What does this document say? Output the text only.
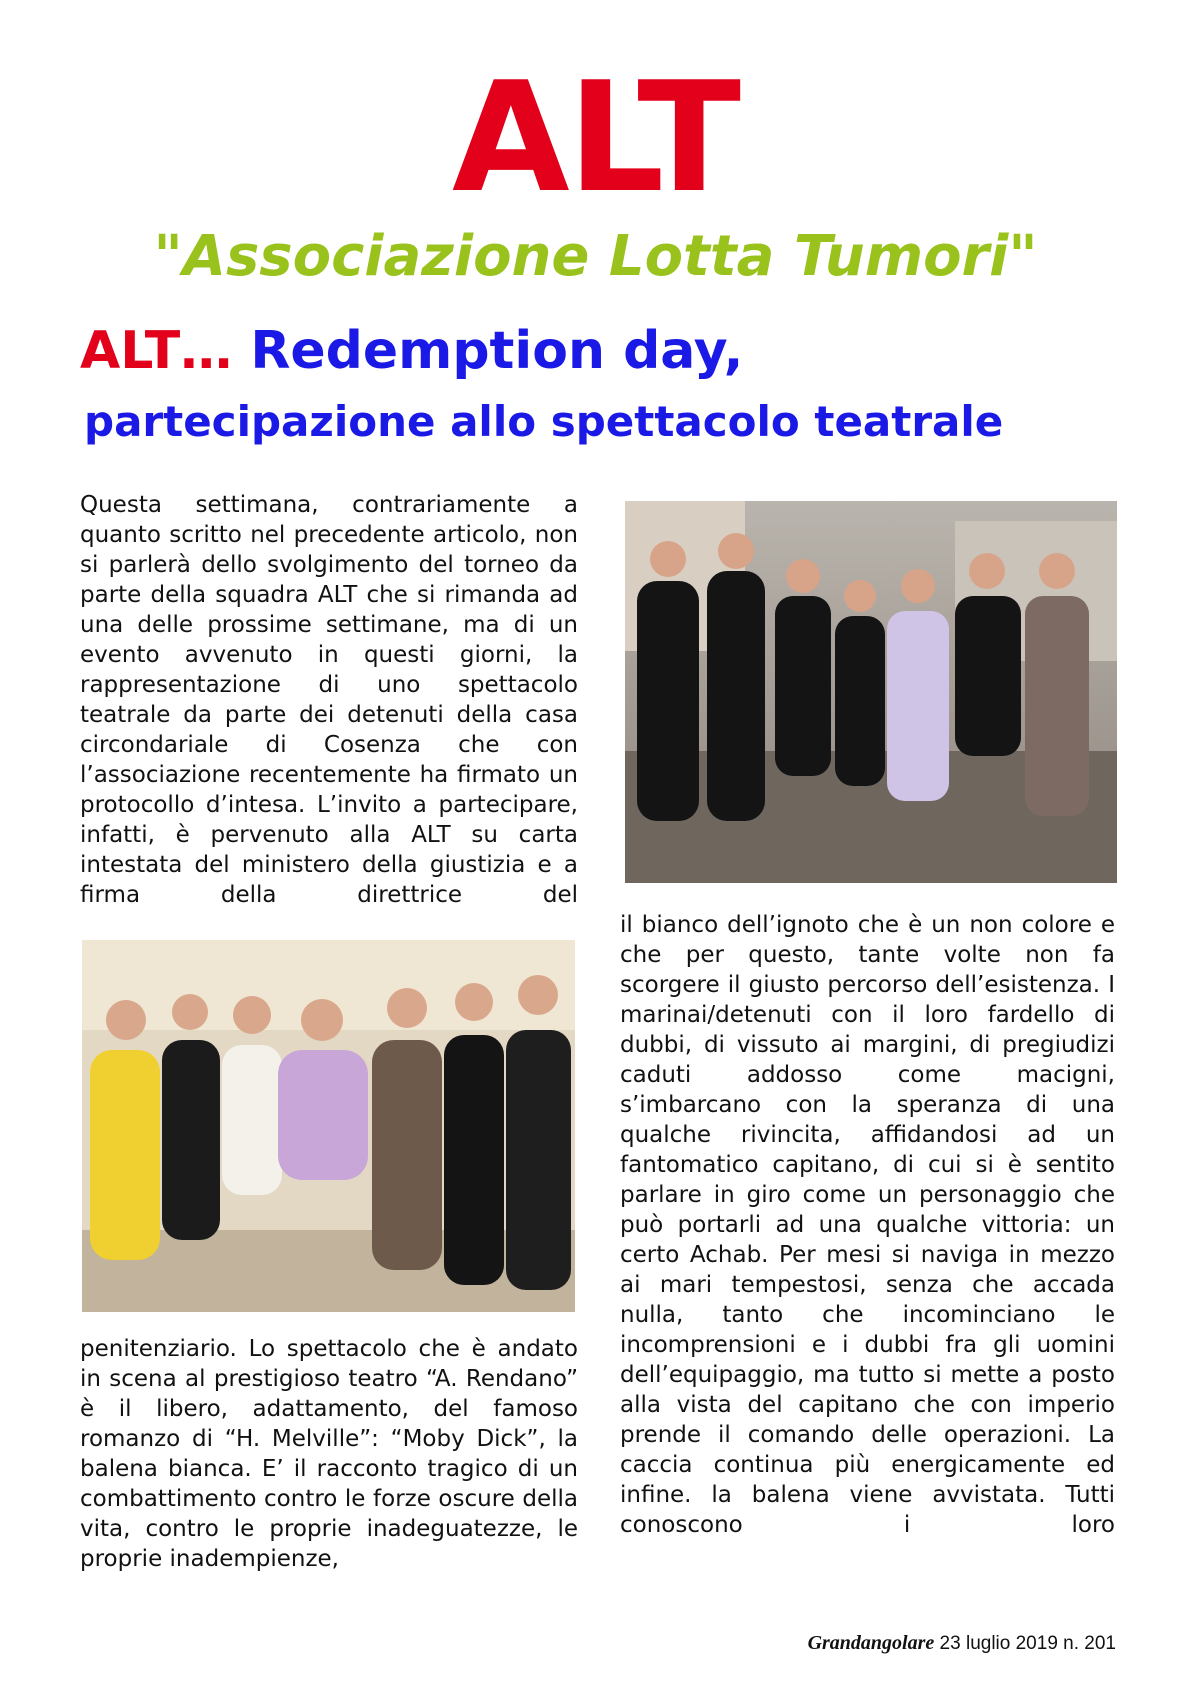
ALT
"Associazione Lotta Tumori"
ALT… Redemption day,
partecipazione allo spettacolo teatrale

Questa settimana, contrariamente a quanto scritto nel precedente articolo, non si parlerà dello svolgimento del torneo da parte della squadra ALT che si rimanda ad una delle prossime settimane, ma di un evento avvenuto in questi giorni, la rappresentazione di uno spettacolo teatrale da parte dei detenuti della casa circondariale di Cosenza che con l’associazione recentemente ha firmato un protocollo d’intesa. L’invito a partecipare, infatti, è pervenuto alla ALT su carta intestata del ministero della giustizia e a firma della direttrice del

penitenziario. Lo spettacolo che è andato in scena al prestigioso teatro “A. Rendano” è il libero, adattamento, del famoso romanzo di “H. Melville”: “Moby Dick”, la balena bianca. E’ il racconto tragico di un combattimento contro le forze oscure della vita, contro le proprie inadeguatezze, le proprie inadempienze,

il bianco dell’ignoto che è un non colore e che per questo, tante volte non fa scorgere il giusto percorso dell’esistenza. I marinai/detenuti con il loro fardello di dubbi, di vissuto ai margini, di pregiudizi caduti addosso come macigni, s’imbarcano con la speranza di una qualche rivincita, affidandosi ad un fantomatico capitano, di cui si è sentito parlare in giro come un personaggio che può portarli ad una qualche vittoria: un certo Achab. Per mesi si naviga in mezzo ai mari tempestosi, senza che accada nulla, tanto che incominciano le incomprensioni e i dubbi fra gli uomini dell’equipaggio, ma tutto si mette a posto alla vista del capitano che con imperio prende il comando delle operazioni. La caccia continua più energicamente ed infine. la balena viene avvistata. Tutti conoscono i loro

Grandangolare 23 luglio 2019 n. 201
